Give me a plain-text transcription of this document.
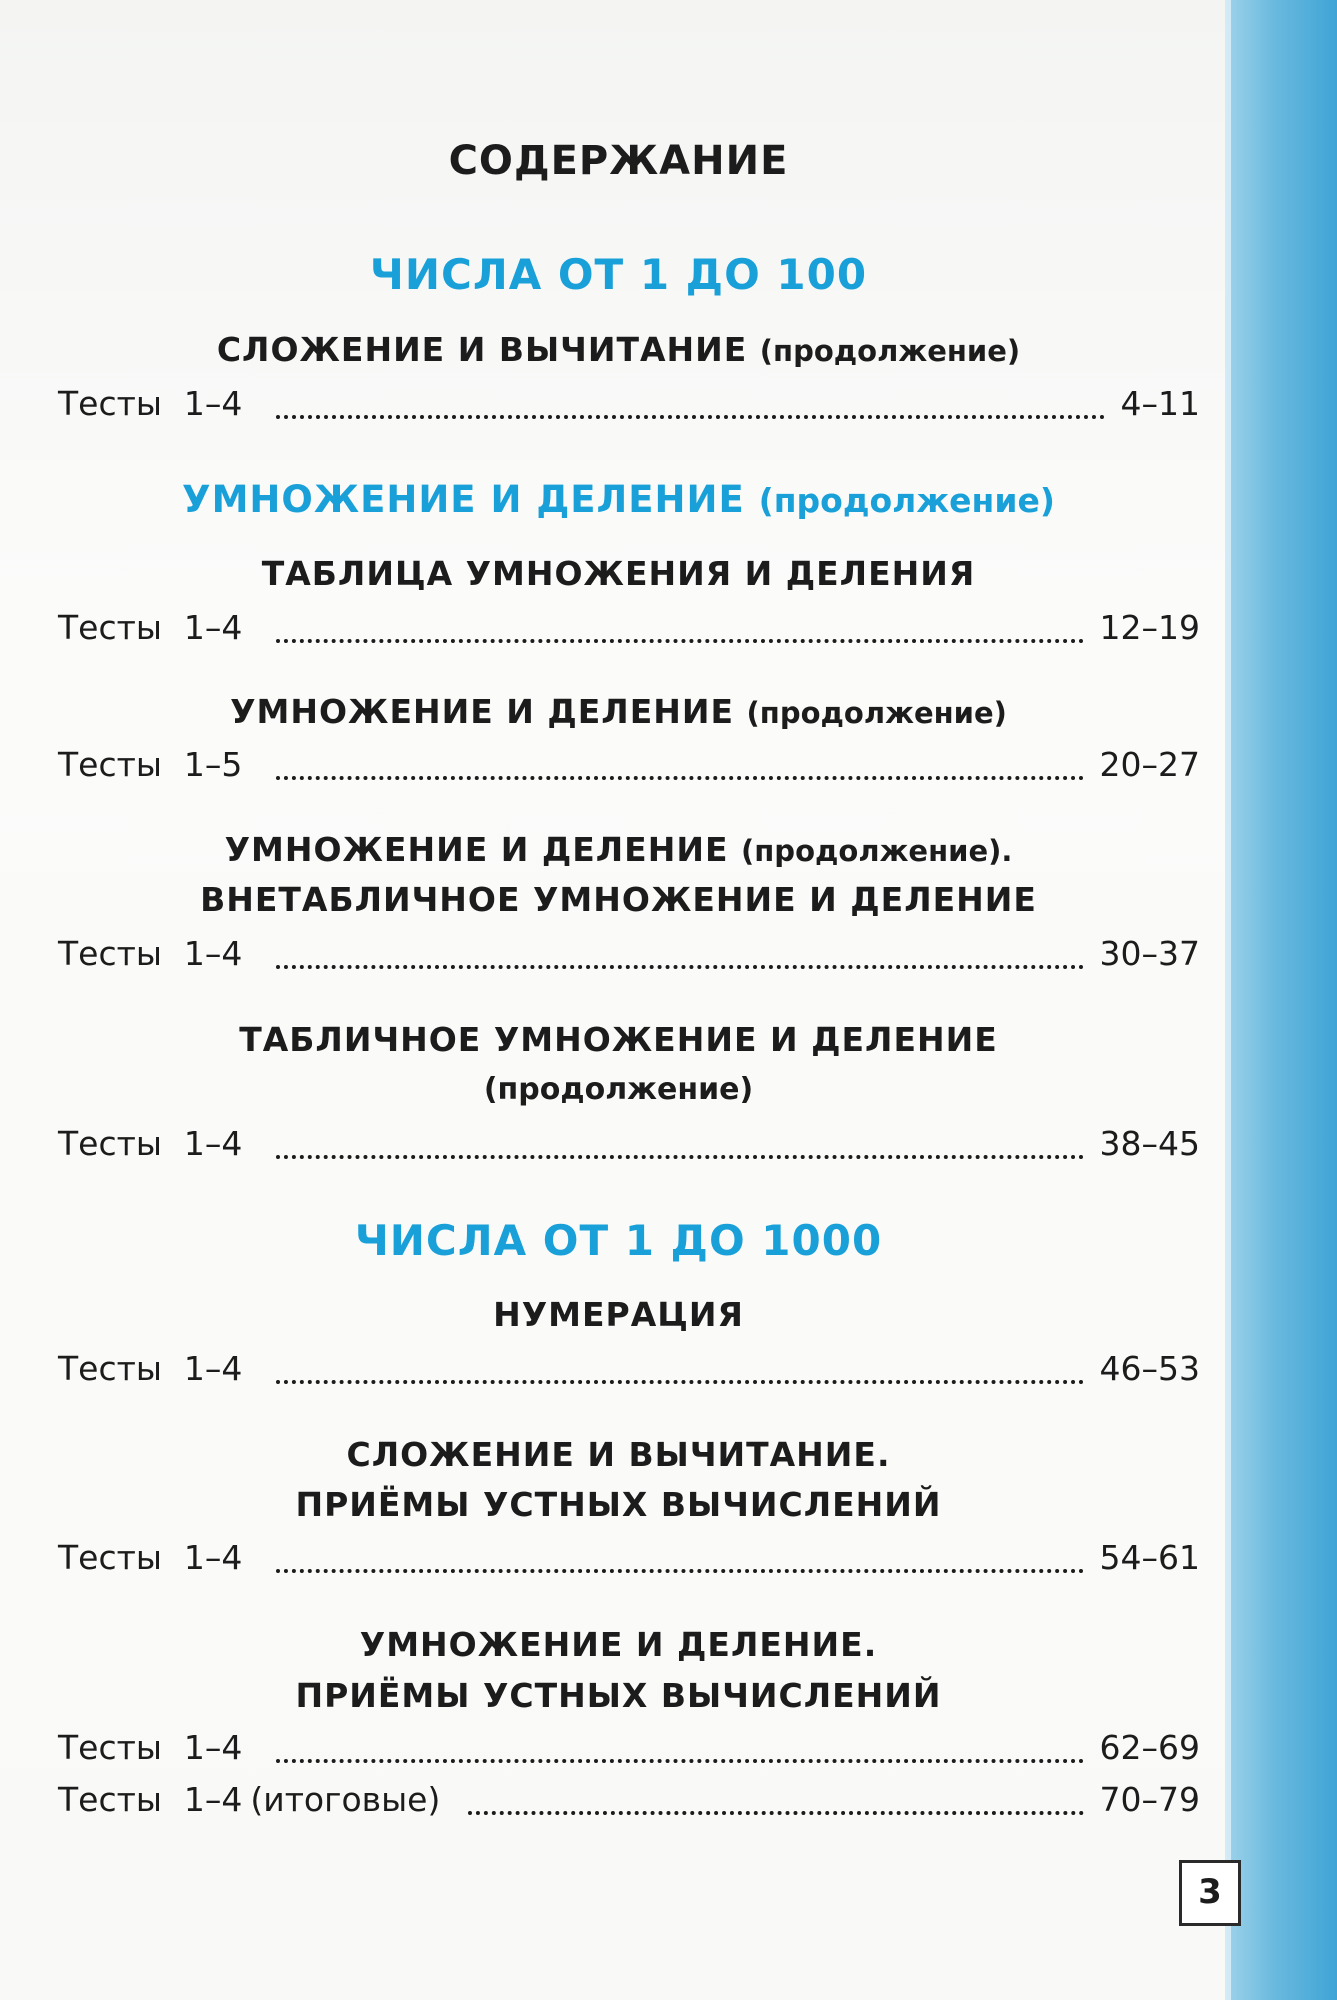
СОДЕРЖАНИЕ
ЧИСЛА ОТ 1 ДО 100
СЛОЖЕНИЕ И ВЫЧИТАНИЕ (продолжение)
Тесты 1–4	4–11
УМНОЖЕНИЕ И ДЕЛЕНИЕ (продолжение)
ТАБЛИЦА УМНОЖЕНИЯ И ДЕЛЕНИЯ
Тесты 1–4	12–19
УМНОЖЕНИЕ И ДЕЛЕНИЕ (продолжение)
Тесты 1–5	20–27
УМНОЖЕНИЕ И ДЕЛЕНИЕ (продолжение).
ВНЕТАБЛИЧНОЕ УМНОЖЕНИЕ И ДЕЛЕНИЕ
Тесты 1–4	30–37
ТАБЛИЧНОЕ УМНОЖЕНИЕ И ДЕЛЕНИЕ
(продолжение)
Тесты 1–4	38–45
ЧИСЛА ОТ 1 ДО 1000
НУМЕРАЦИЯ
Тесты 1–4	46–53
СЛОЖЕНИЕ И ВЫЧИТАНИЕ.
ПРИЁМЫ УСТНЫХ ВЫЧИСЛЕНИЙ
Тесты 1–4	54–61
УМНОЖЕНИЕ И ДЕЛЕНИЕ.
ПРИЁМЫ УСТНЫХ ВЫЧИСЛЕНИЙ
Тесты 1–4	62–69
Тесты 1–4 (итоговые)	70–79
3
